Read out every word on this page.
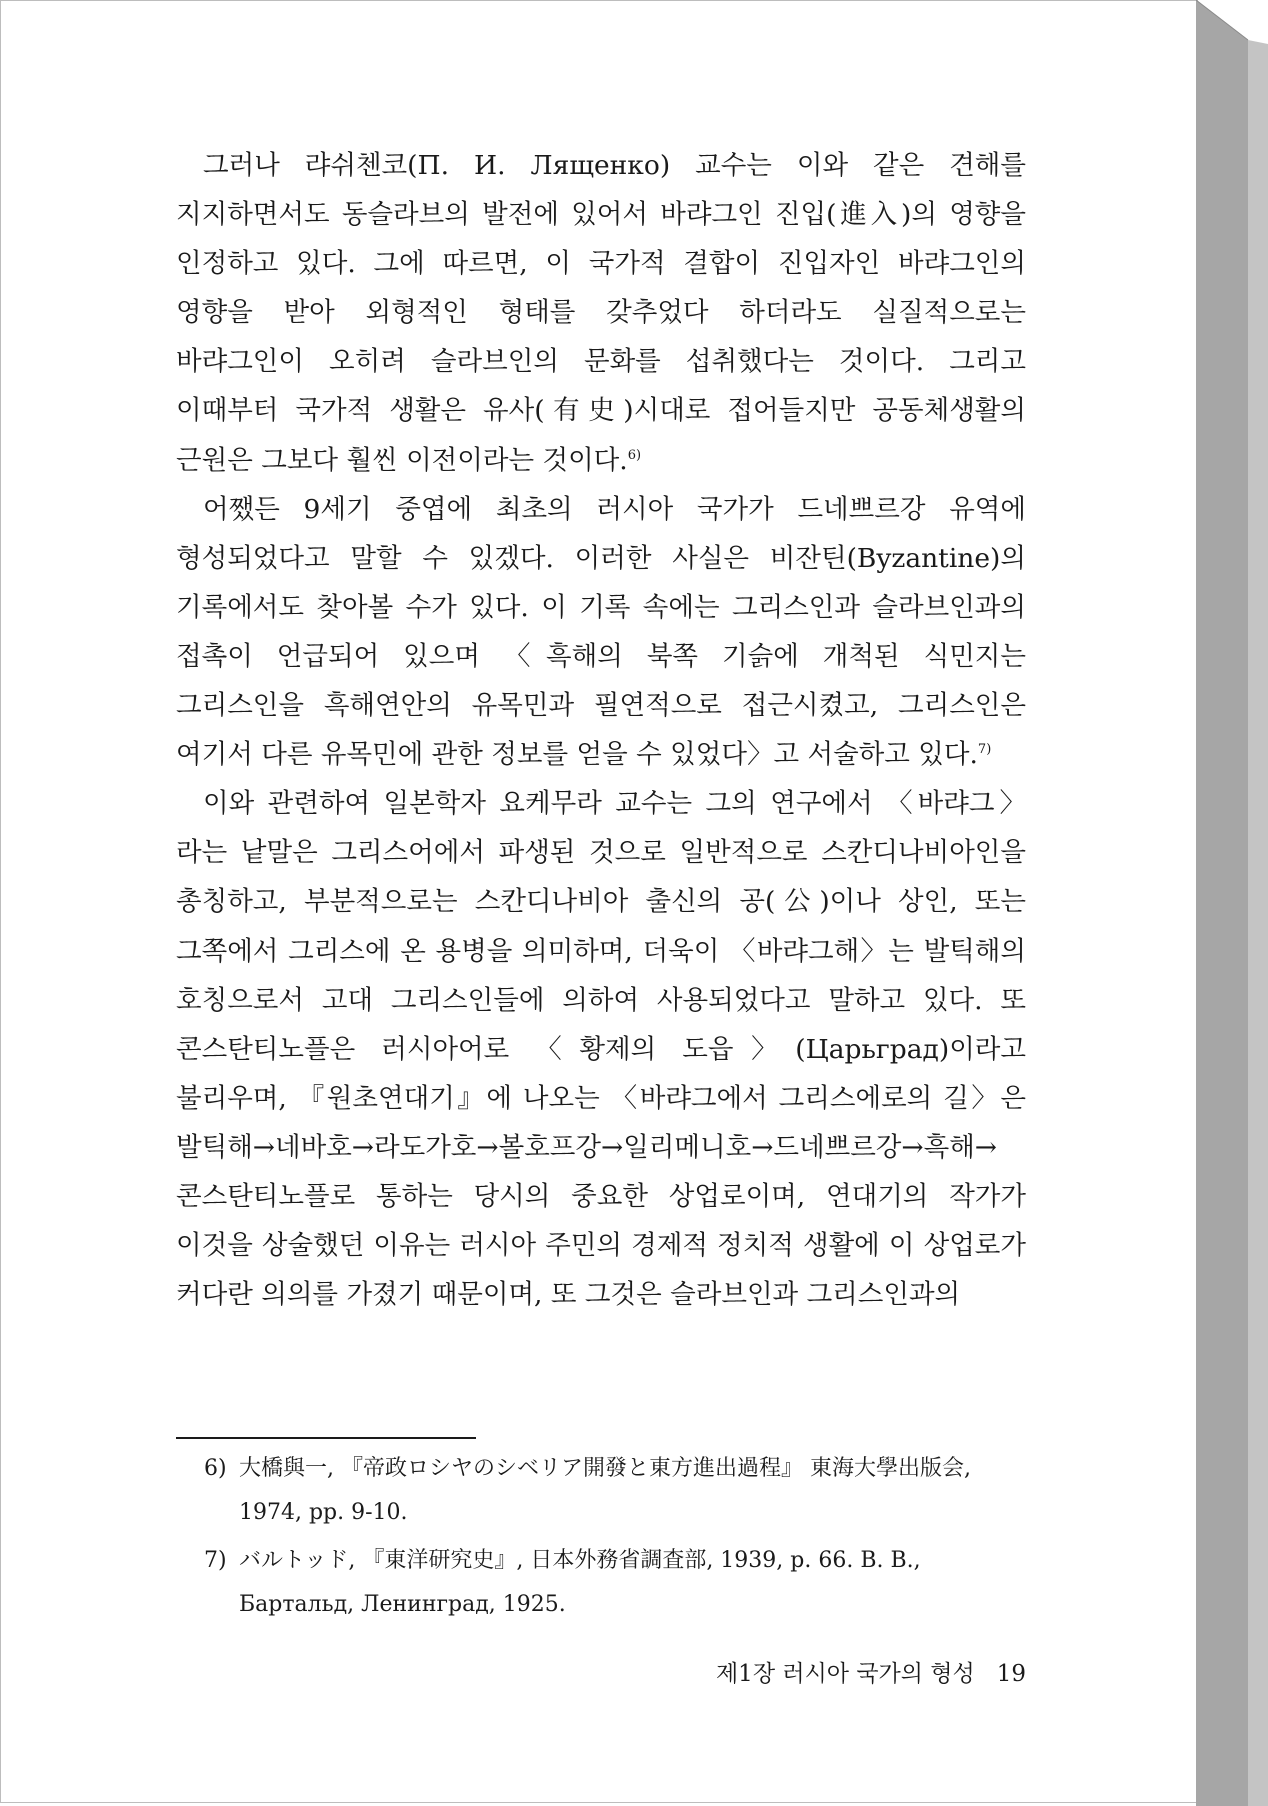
그러나 랴쉬첸코(П. И. Лященко) 교수는 이와 같은 견해를 지지하면서도 동슬라브의 발전에 있어서 바랴그인 진입(進入)의 영향을 인정하고 있다. 그에 따르면, 이 국가적 결합이 진입자인 바랴그인의 영향을 받아 외형적인 형태를 갖추었다 하더라도 실질적으로는 바랴그인이 오히려 슬라브인의 문화를 섭취했다는 것이다. 그리고 이때부터 국가적 생활은 유사(有史)시대로 접어들지만 공동체생활의 근원은 그보다 훨씬 이전이라는 것이다.$^{6)}$

어쨌든 9세기 중엽에 최초의 러시아 국가가 드네쁘르강 유역에 형성되었다고 말할 수 있겠다. 이러한 사실은 비잔틴(Byzantine)의 기록에서도 찾아볼 수가 있다. 이 기록 속에는 그리스인과 슬라브인과의 접촉이 언급되어 있으며 〈흑해의 북쪽 기슭에 개척된 식민지는 그리스인을 흑해연안의 유목민과 필연적으로 접근시켰고, 그리스인은 여기서 다른 유목민에 관한 정보를 얻을 수 있었다〉고 서술하고 있다.$^{7)}$

이와 관련하여 일본학자 요케무라 교수는 그의 연구에서 〈바랴그〉라는 낱말은 그리스어에서 파생된 것으로 일반적으로 스칸디나비아인을 총칭하고, 부분적으로는 스칸디나비아 출신의 공(公)이나 상인, 또는 그쪽에서 그리스에 온 용병을 의미하며, 더욱이 〈바랴그해〉는 발틱해의 호칭으로서 고대 그리스인들에 의하여 사용되었다고 말하고 있다. 또 콘스탄티노플은 러시아어로 〈황제의 도읍〉(Царьград)이라고 불리우며, 『원초연대기』에 나오는 〈바랴그에서 그리스에로의 길〉은 발틱해→네바호→라도가호→볼호프강→일리메니호→드네쁘르강→흑해→콘스탄티노플로 통하는 당시의 중요한 상업로이며, 연대기의 작가가 이것을 상술했던 이유는 러시아 주민의 경제적 정치적 생활에 이 상업로가 커다란 의의를 가졌기 때문이며, 또 그것은 슬라브인과 그리스인과의

6) 大橋與一, 『帝政ロシヤのシベリア開發と東方進出過程』 東海大學出版会, 1974, pp. 9-10.
7) バルトッド, 『東洋研究史』, 日本外務省調査部, 1939, p. 66. B. B., Бартальд, Ленинград, 1925.
제1장 러시아 국가의 형성 19
